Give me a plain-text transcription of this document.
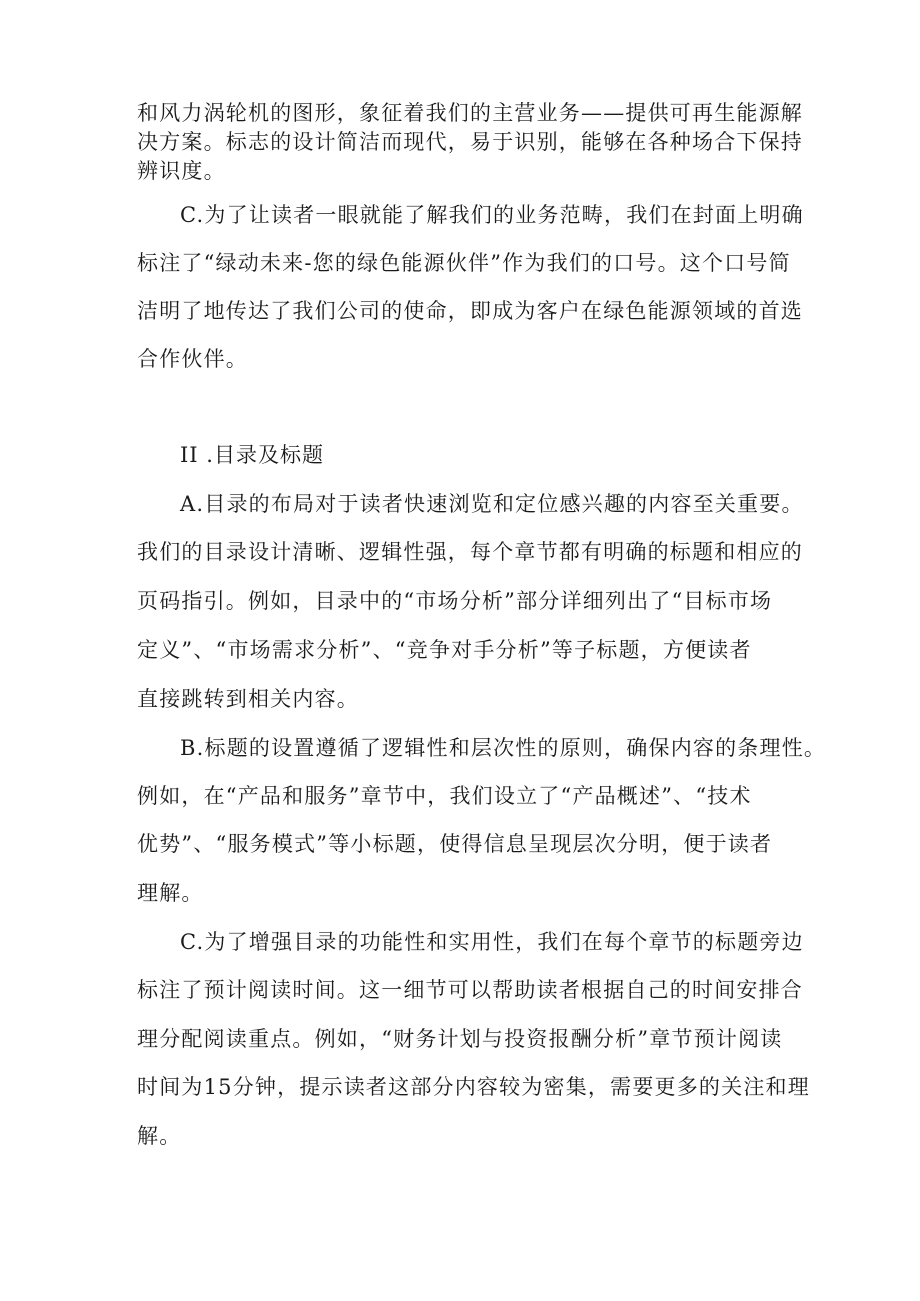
和风力涡轮机的图形，象征着我们的主营业务——提供可再生能源解
决方案。标志的设计简洁而现代，易于识别，能够在各种场合下保持
辨识度。
C.为了让读者一眼就能了解我们的业务范畴，我们在封面上明确
标注了“绿动未来-您的绿色能源伙伴”作为我们的口号。这个口号简
洁明了地传达了我们公司的使命，即成为客户在绿色能源领域的首选
合作伙伴。
II .目录及标题
A.目录的布局对于读者快速浏览和定位感兴趣的内容至关重要。
我们的目录设计清晰、逻辑性强，每个章节都有明确的标题和相应的
页码指引。例如，目录中的“市场分析”部分详细列出了“目标市场
定义”、“市场需求分析”、“竞争对手分析”等子标题，方便读者
直接跳转到相关内容。
B.标题的设置遵循了逻辑性和层次性的原则，确保内容的条理性。
例如，在“产品和服务”章节中，我们设立了“产品概述”、“技术
优势”、“服务模式”等小标题，使得信息呈现层次分明，便于读者
理解。
C.为了增强目录的功能性和实用性，我们在每个章节的标题旁边
标注了预计阅读时间。这一细节可以帮助读者根据自己的时间安排合
理分配阅读重点。例如，“财务计划与投资报酬分析”章节预计阅读
时间为15分钟，提示读者这部分内容较为密集，需要更多的关注和理
解。
